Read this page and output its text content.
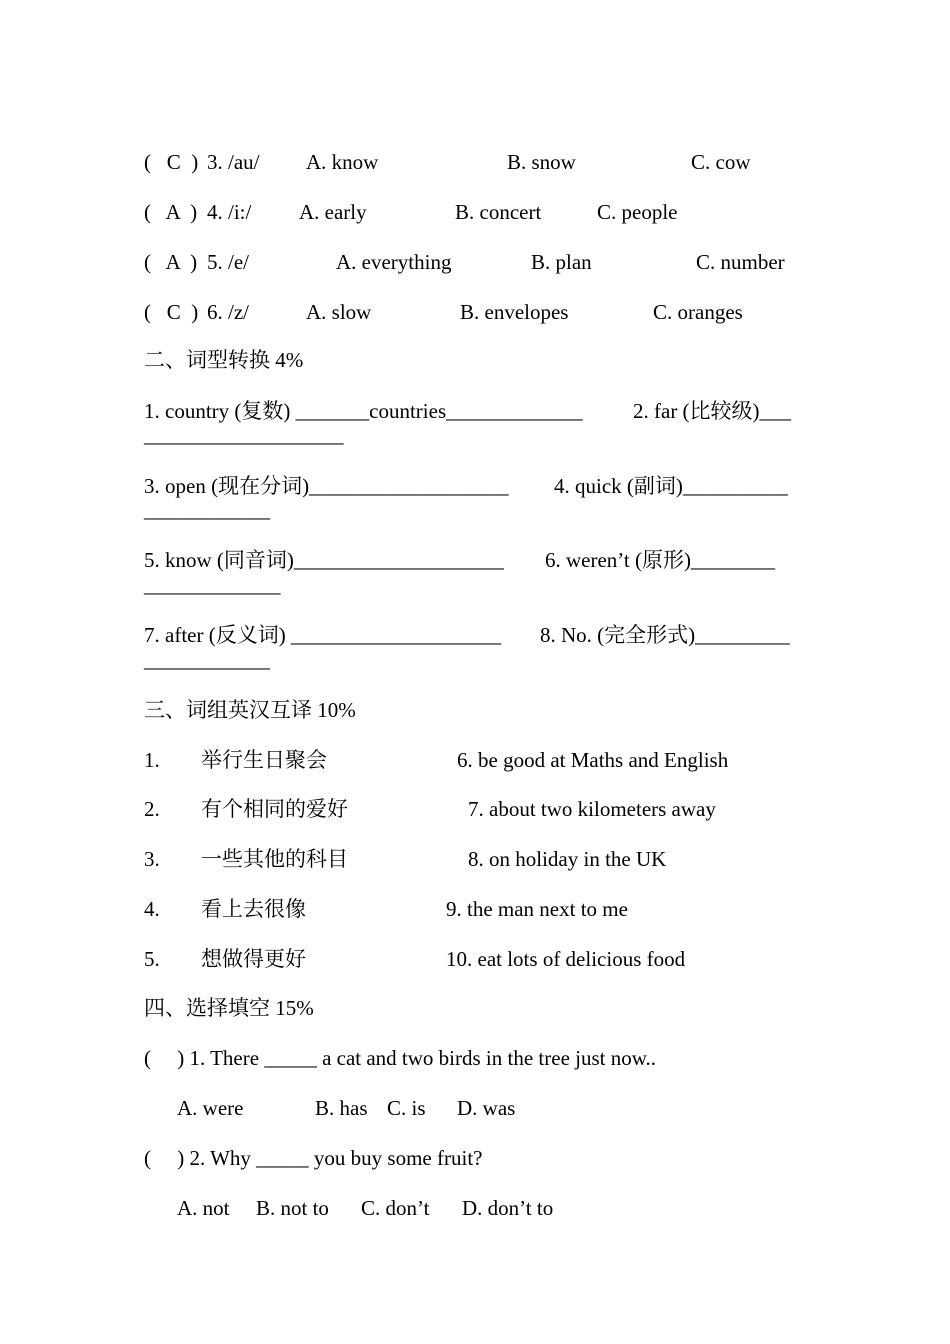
(   C  ) 3. /au/ A. know	B. snow	C. cow
(   A  ) 4. /i:/ A. early	B. concert	C. people
(   A  ) 5. /e/	A. everything	B. plan	C. number
(   C  ) 6. /z/	A. slow	B. envelopes	C. oranges
二、词型转换 4%
1. country (复数) _______countries_____________ 2. far (比较级)___
___________________
3. open (现在分词)___________________ 4. quick (副词)__________
____________
5. know (同音词)____________________ 6. weren’t (原形)________
_____________
7. after (反义词) ____________________ 8. No. (完全形式)_________
____________
三、词组英汉互译 10%
1. 举行生日聚会	6. be good at Maths and English
2. 有个相同的爱好	7. about two kilometers away
3. 一些其他的科目	8. on holiday in the UK
4. 看上去很像	9. the man next to me
5. 想做得更好	10. eat lots of delicious food
四、选择填空 15%
(     ) 1. There _____ a cat and two birds in the tree just now..
A. were	B. has C. is D. was
(     ) 2. Why _____ you buy some fruit?
A. not B. not to C. don’t D. don’t to
